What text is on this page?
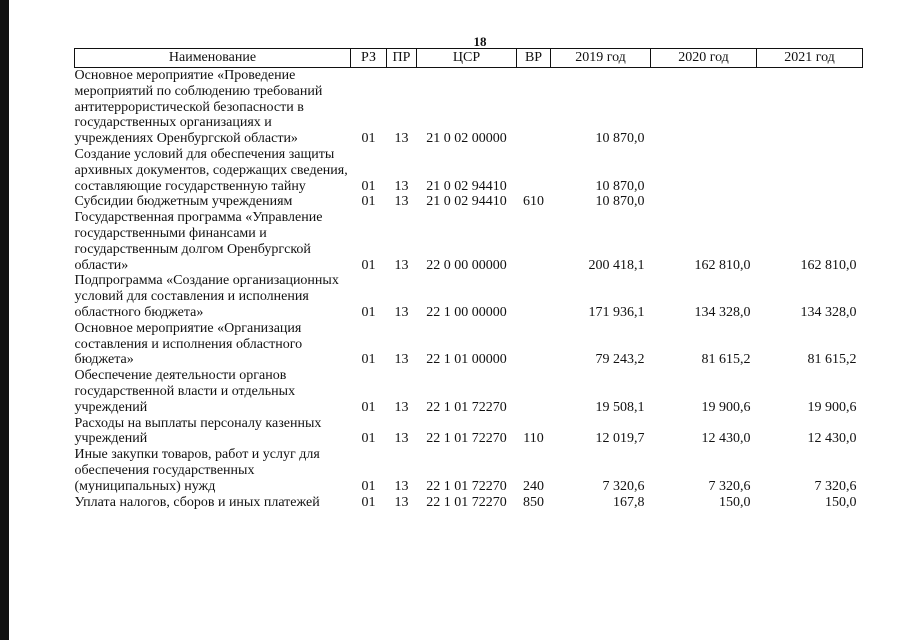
18
Наименование	РЗ	ПР	ЦСР	ВР	2019 год	2020 год	2021 год
Основное мероприятие «Проведение мероприятий по соблюдению требований антитеррористической безопасности в государственных организациях и учреждениях Оренбургской области»	01	13	21 0 02 00000		10 870,0		
Создание условий для обеспечения защиты архивных документов, содержащих сведения, составляющие государственную тайну	01	13	21 0 02 94410		10 870,0		
Субсидии бюджетным учреждениям	01	13	21 0 02 94410	610	10 870,0		
Государственная программа «Управление государственными финансами и государственным долгом Оренбургской области»	01	13	22 0 00 00000		200 418,1	162 810,0	162 810,0
Подпрограмма «Создание организационных условий для составления и исполнения областного бюджета»	01	13	22 1 00 00000		171 936,1	134 328,0	134 328,0
Основное мероприятие «Организация составления и исполнения областного бюджета»	01	13	22 1 01 00000		79 243,2	81 615,2	81 615,2
Обеспечение деятельности органов государственной власти и отдельных учреждений	01	13	22 1 01 72270		19 508,1	19 900,6	19 900,6
Расходы на выплаты персоналу казенных учреждений	01	13	22 1 01 72270	110	12 019,7	12 430,0	12 430,0
Иные закупки товаров, работ и услуг для обеспечения государственных (муниципальных) нужд	01	13	22 1 01 72270	240	7 320,6	7 320,6	7 320,6
Уплата налогов, сборов и иных платежей	01	13	22 1 01 72270	850	167,8	150,0	150,0
